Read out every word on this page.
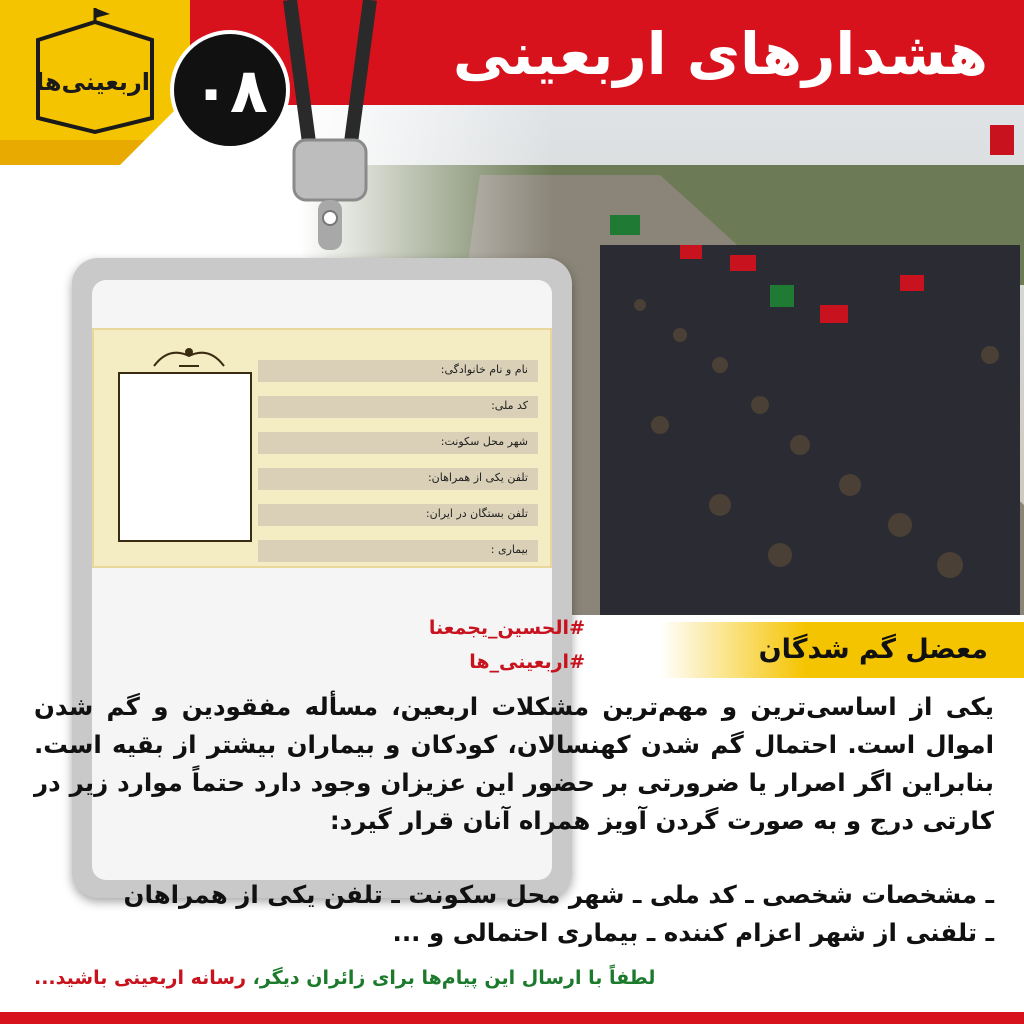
هشدارهای اربعینی
اربعینی‌ها ۰۸
نام و نام خانوادگی:
کد ملی:
شهر محل سکونت:
تلفن یکی از همراهان:
تلفن بستگان در ایران:
بیماری :
#الحسین_یجمعنا
#اربعینی_ها	معضل گم شدگان
یکی از اساسی‌ترین و مهم‌ترین مشکلات اربعین، مسأله مفقودین و گم شدن اموال است. احتمال گم شدن کهنسالان، کودکان و بیماران بیشتر از بقیه است. بنابراین اگر اصرار یا ضرورتی بر حضور این عزیزان وجود دارد حتماً موارد زیر در کارتی درج و به صورت گردن آویز همراه آنان قرار گیرد:
ـ مشخصات شخصی ـ کد ملی ـ شهر محل سکونت ـ تلفن یکی از همراهان
ـ تلفنی از شهر اعزام کننده ـ بیماری احتمالی و ...
لطفاً با ارسال این پیام‌ها برای زائران دیگر، رسانه اربعینی باشید...
